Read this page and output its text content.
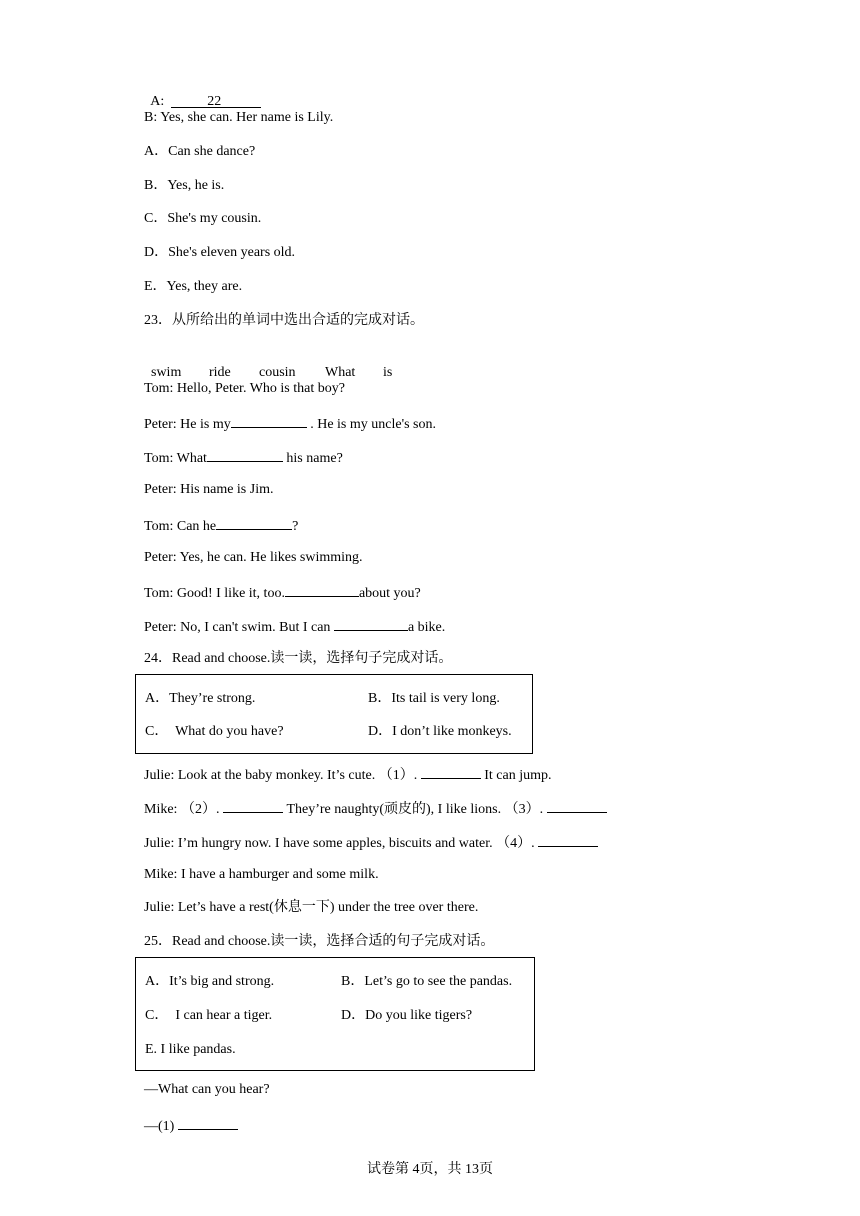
A:	22

B: Yes, she can. Her name is Lily.
A．Can she dance?
B．Yes, he is.
C．She's my cousin.
D．She's eleven years old.
E．Yes, they are.
23．从所给出的单词中选出合适的完成对话。

swim ride cousin What is

Tom: Hello, Peter. Who is that boy?
Peter: He is my	. He is my uncle's son.
Tom: What	his name?
Peter: His name is Jim.
Tom: Can he	?
Peter: Yes, he can. He likes swimming.
Tom: Good! I like it, too.	about you?
Peter: No, I can't swim. But I can	a bike.
24．Read and choose.读一读，选择句子完成对话。
A．They’re strong.	B．Its tail is very long.
C．  What do you have?	D．I don’t like monkeys.
Julie: Look at the baby monkey. It’s cute. （1）.	It can jump.
Mike: （2）.	They’re naughty(顽皮的), I like lions. （3）.
Julie: I’m hungry now. I have some apples, biscuits and water. （4）.
Mike: I have a hamburger and some milk.
Julie: Let’s have a rest(休息一下) under the tree over there.
25．Read and choose.读一读，选择合适的句子完成对话。
A．It’s big and strong.	B．Let’s go to see the pandas.
C．  I can hear a tiger.	D．Do you like tigers?
E. I like pandas.
—What can you hear?
—(1)
试卷第 4页，共 13页
